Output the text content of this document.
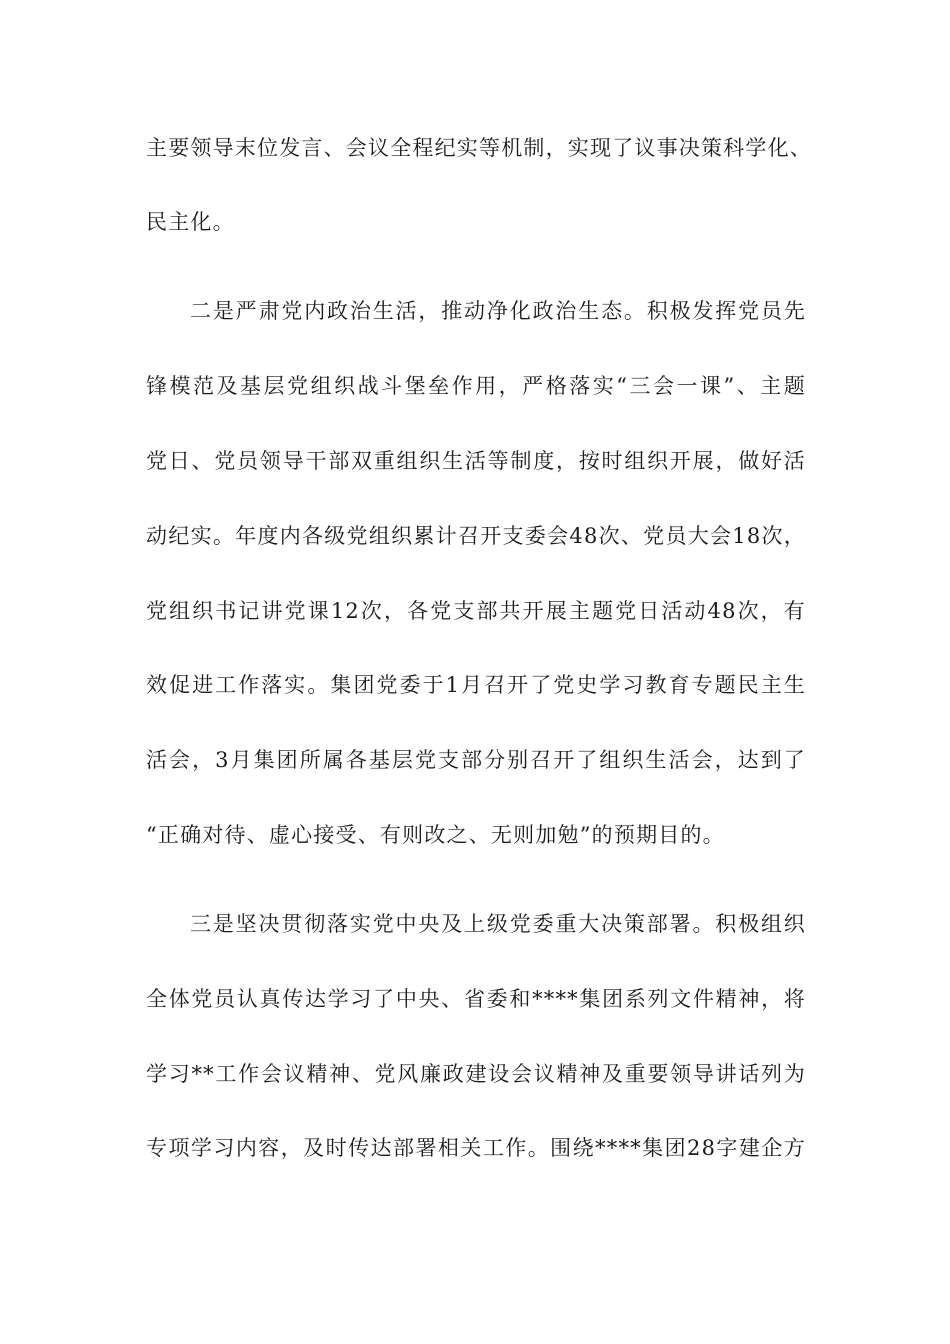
主要领导末位发言、会议全程纪实等机制，实现了议事决策科学化、
民主化。
二是严肃党内政治生活，推动净化政治生态。积极发挥党员先
锋模范及基层党组织战斗堡垒作用，严格落实“三会一课”、主题
党日、党员领导干部双重组织生活等制度，按时组织开展，做好活
动纪实。年度内各级党组织累计召开支委会48次、党员大会18次，
党组织书记讲党课12次，各党支部共开展主题党日活动48次，有
效促进工作落实。集团党委于1月召开了党史学习教育专题民主生
活会，3月集团所属各基层党支部分别召开了组织生活会，达到了
“正确对待、虚心接受、有则改之、无则加勉”的预期目的。
三是坚决贯彻落实党中央及上级党委重大决策部署。积极组织
全体党员认真传达学习了中央、省委和****集团系列文件精神，将
学习**工作会议精神、党风廉政建设会议精神及重要领导讲话列为
专项学习内容，及时传达部署相关工作。围绕****集团28字建企方
